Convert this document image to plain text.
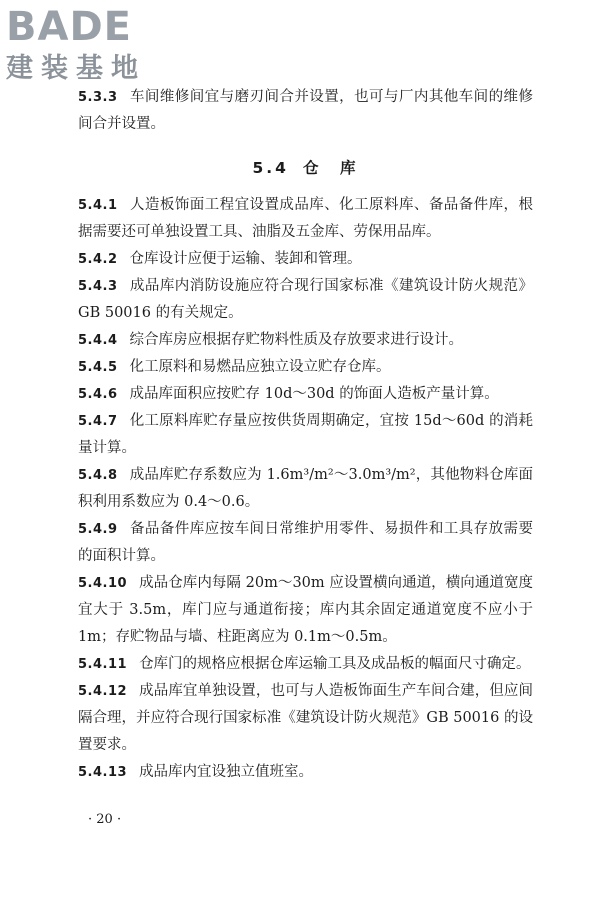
BADE
建装基地

5.3.3 车间维修间宜与磨刃间合并设置，也可与厂内其他车间的维修间合并设置。

5.4 仓　库

5.4.1 人造板饰面工程宜设置成品库、化工原料库、备品备件库，根据需要还可单独设置工具、油脂及五金库、劳保用品库。

5.4.2 仓库设计应便于运输、装卸和管理。

5.4.3 成品库内消防设施应符合现行国家标准《建筑设计防火规范》GB 50016 的有关规定。

5.4.4 综合库房应根据存贮物料性质及存放要求进行设计。

5.4.5 化工原料和易燃品应独立设立贮存仓库。

5.4.6 成品库面积应按贮存 10d～30d 的饰面人造板产量计算。

5.4.7 化工原料库贮存量应按供货周期确定，宜按 15d～60d 的消耗量计算。

5.4.8 成品库贮存系数应为 1.6m³/m²～3.0m³/m²，其他物料仓库面积利用系数应为 0.4～0.6。

5.4.9 备品备件库应按车间日常维护用零件、易损件和工具存放需要的面积计算。

5.4.10 成品仓库内每隔 20m～30m 应设置横向通道，横向通道宽度宜大于 3.5m，库门应与通道衔接；库内其余固定通道宽度不应小于 1m；存贮物品与墙、柱距离应为 0.1m～0.5m。

5.4.11 仓库门的规格应根据仓库运输工具及成品板的幅面尺寸确定。

5.4.12 成品库宜单独设置，也可与人造板饰面生产车间合建，但应间隔合理，并应符合现行国家标准《建筑设计防火规范》GB 50016 的设置要求。

5.4.13 成品库内宜设独立值班室。

· 20 ·
